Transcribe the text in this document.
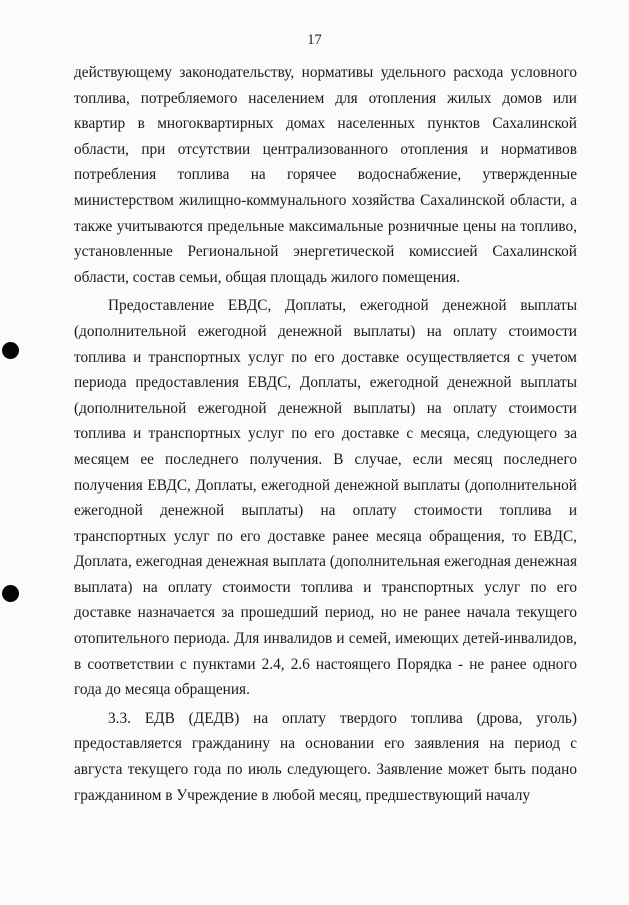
17

действующему законодательству, нормативы удельного расхода условного топлива, потребляемого населением для отопления жилых домов или квартир в многоквартирных домах населенных пунктов Сахалинской области, при отсутствии централизованного отопления и нормативов потребления топлива на горячее водоснабжение, утвержденные министерством жилищно-коммунального хозяйства Сахалинской области, а также учитываются предельные максимальные розничные цены на топливо, установленные Региональной энергетической комиссией Сахалинской области, состав семьи, общая площадь жилого помещения.

Предоставление ЕВДС, Доплаты, ежегодной денежной выплаты (дополнительной ежегодной денежной выплаты) на оплату стоимости топлива и транспортных услуг по его доставке осуществляется с учетом периода предоставления ЕВДС, Доплаты, ежегодной денежной выплаты (дополнительной ежегодной денежной выплаты) на оплату стоимости топлива и транспортных услуг по его доставке с месяца, следующего за месяцем ее последнего получения. В случае, если месяц последнего получения ЕВДС, Доплаты, ежегодной денежной выплаты (дополнительной ежегодной денежной выплаты) на оплату стоимости топлива и транспортных услуг по его доставке ранее месяца обращения, то ЕВДС, Доплата, ежегодная денежная выплата (дополнительная ежегодная денежная выплата) на оплату стоимости топлива и транспортных услуг по его доставке назначается за прошедший период, но не ранее начала текущего отопительного периода. Для инвалидов и семей, имеющих детей-инвалидов, в соответствии с пунктами 2.4, 2.6 настоящего Порядка - не ранее одного года до месяца обращения.

3.3. ЕДВ (ДЕДВ) на оплату твердого топлива (дрова, уголь) предоставляется гражданину на основании его заявления на период с августа текущего года по июль следующего. Заявление может быть подано гражданином в Учреждение в любой месяц, предшествующий началу
